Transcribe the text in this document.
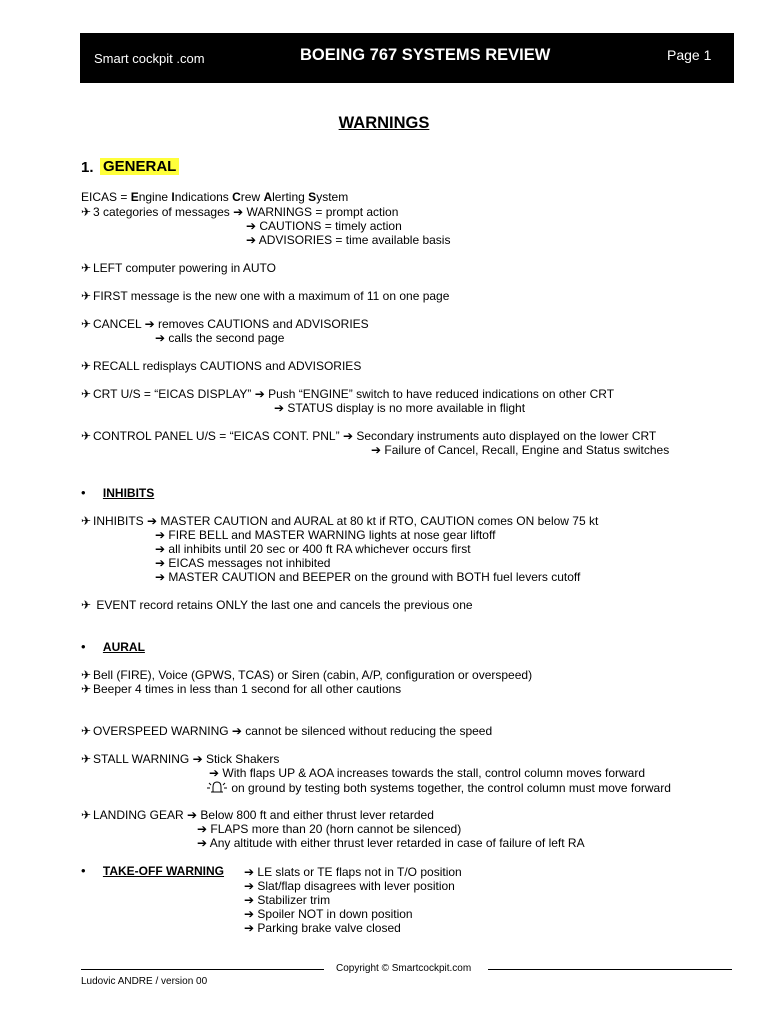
Smart cockpit .com	BOEING 767 SYSTEMS REVIEW	Page 1
WARNINGS
1. GENERAL
EICAS = Engine Indications Crew Alerting System
✈ 3 categories of messages ➔ WARNINGS = prompt action
➔ CAUTIONS = timely action
➔ ADVISORIES = time available basis
✈ LEFT computer powering in AUTO
✈ FIRST message is the new one with a maximum of 11 on one page
✈ CANCEL ➔ removes CAUTIONS and ADVISORIES
➔ calls the second page
✈ RECALL redisplays CAUTIONS and ADVISORIES
✈ CRT U/S = “EICAS DISPLAY” ➔ Push “ENGINE” switch to have reduced indications on other CRT
➔ STATUS display is no more available in flight
✈ CONTROL PANEL U/S = “EICAS CONT. PNL” ➔ Secondary instruments auto displayed on the lower CRT
➔ Failure of Cancel, Recall, Engine and Status switches
• INHIBITS
✈ INHIBITS ➔ MASTER CAUTION and AURAL at 80 kt if RTO, CAUTION comes ON below 75 kt
➔ FIRE BELL and MASTER WARNING lights at nose gear liftoff
➔ all inhibits until 20 sec or 400 ft RA whichever occurs first
➔ EICAS messages not inhibited
➔ MASTER CAUTION and BEEPER on the ground with BOTH fuel levers cutoff
✈ EVENT record retains ONLY the last one and cancels the previous one
• AURAL
✈ Bell (FIRE), Voice (GPWS, TCAS) or Siren (cabin, A/P, configuration or overspeed)
✈ Beeper 4 times in less than 1 second for all other cautions
✈ OVERSPEED WARNING ➔ cannot be silenced without reducing the speed
✈ STALL WARNING ➔ Stick Shakers
➔ With flaps UP & AOA increases towards the stall, control column moves forward
on ground by testing both systems together, the control column must move forward
✈ LANDING GEAR ➔ Below 800 ft and either thrust lever retarded
➔ FLAPS more than 20 (horn cannot be silenced)
➔ Any altitude with either thrust lever retarded in case of failure of left RA
• TAKE-OFF WARNING ➔ LE slats or TE flaps not in T/O position
➔ Slat/flap disagrees with lever position
➔ Stabilizer trim
➔ Spoiler NOT in down position
➔ Parking brake valve closed
Copyright © Smartcockpit.com
Ludovic ANDRE / version 00
